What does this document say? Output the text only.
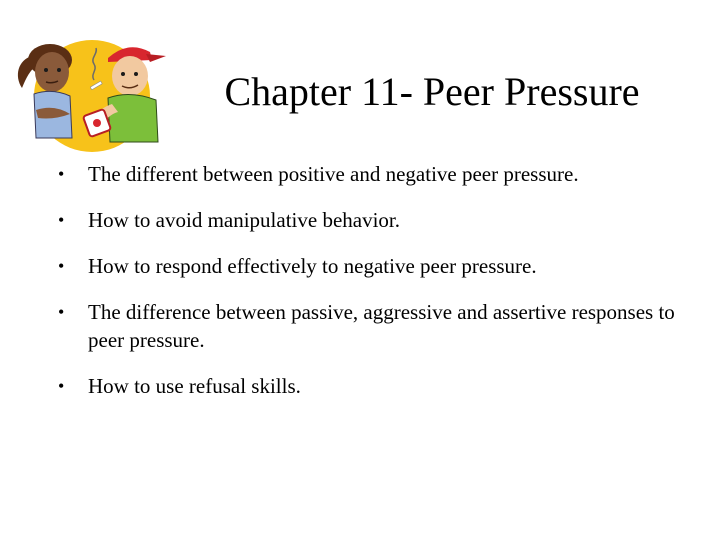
Chapter 11- Peer Pressure
•	The different between positive and negative peer pressure.
•	How to avoid manipulative behavior.
•	How to respond effectively to negative peer pressure.
•	The difference between passive, aggressive and assertive responses to peer pressure.
•	How to use refusal skills.
